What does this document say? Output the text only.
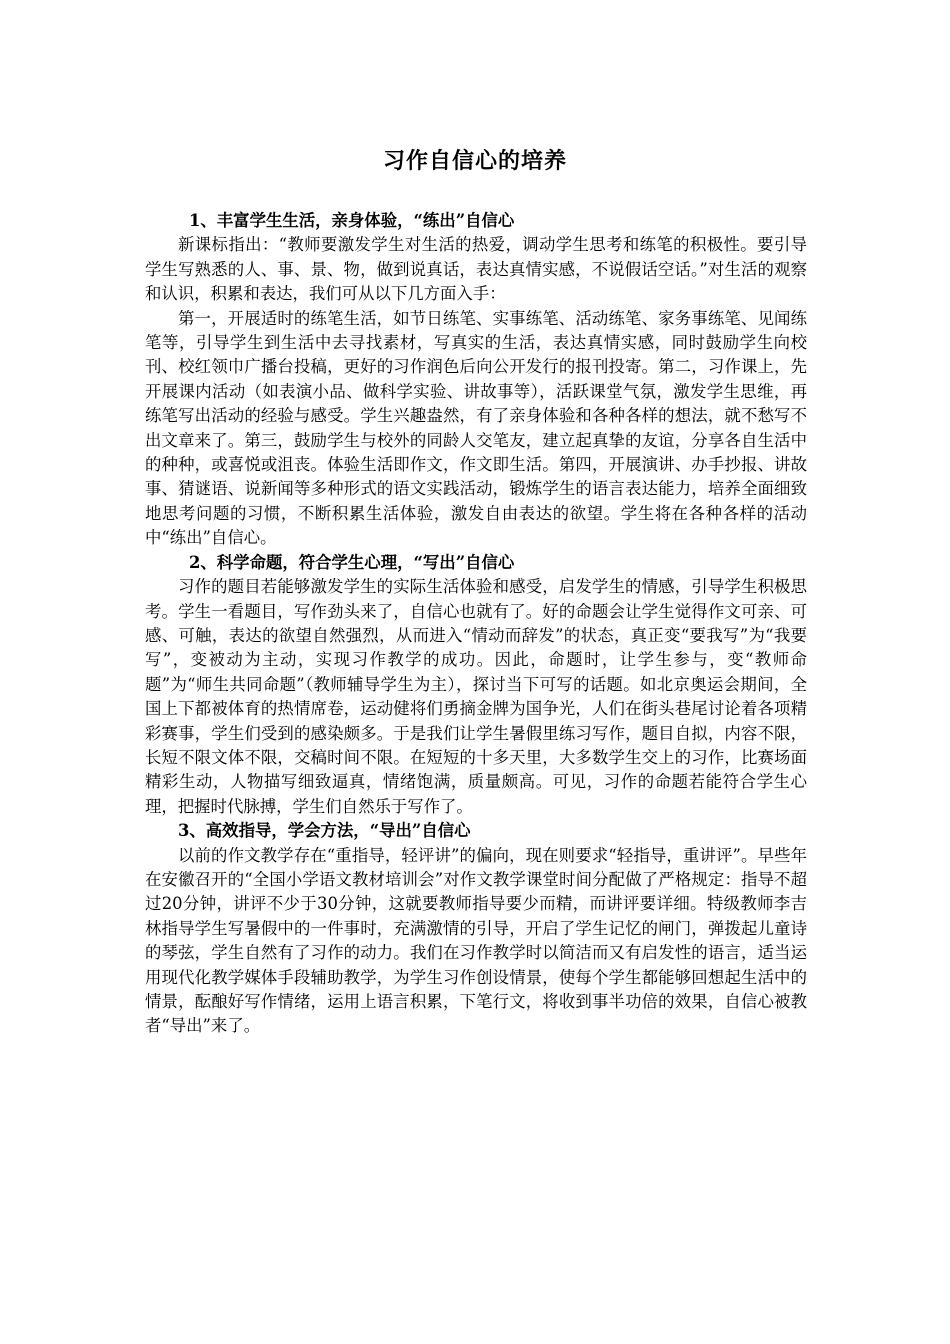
习作自信心的培养

1、丰富学生生活，亲身体验，“练出”自信心

新课标指出：“教师要激发学生对生活的热爱，调动学生思考和练笔的积极性。要引导学生写熟悉的人、事、景、物，做到说真话，表达真情实感，不说假话空话。”对生活的观察和认识，积累和表达，我们可从以下几方面入手：

第一，开展适时的练笔生活，如节日练笔、实事练笔、活动练笔、家务事练笔、见闻练笔等，引导学生到生活中去寻找素材，写真实的生活，表达真情实感，同时鼓励学生向校刊、校红领巾广播台投稿，更好的习作润色后向公开发行的报刊投寄。第二，习作课上，先开展课内活动（如表演小品、做科学实验、讲故事等），活跃课堂气氛，激发学生思维，再练笔写出活动的经验与感受。学生兴趣盎然，有了亲身体验和各种各样的想法，就不愁写不出文章来了。第三，鼓励学生与校外的同龄人交笔友，建立起真挚的友谊，分享各自生活中的种种，或喜悦或沮丧。体验生活即作文，作文即生活。第四，开展演讲、办手抄报、讲故事、猜谜语、说新闻等多种形式的语文实践活动，锻炼学生的语言表达能力，培养全面细致地思考问题的习惯，不断积累生活体验，激发自由表达的欲望。学生将在各种各样的活动中“练出”自信心。

2、科学命题，符合学生心理，“写出”自信心

习作的题目若能够激发学生的实际生活体验和感受，启发学生的情感，引导学生积极思考。学生一看题目，写作劲头来了，自信心也就有了。好的命题会让学生觉得作文可亲、可感、可触，表达的欲望自然强烈，从而进入“情动而辞发”的状态，真正变“要我写”为“我要写”，变被动为主动，实现习作教学的成功。因此，命题时，让学生参与，变“教师命题”为“师生共同命题”（教师辅导学生为主），探讨当下可写的话题。如北京奥运会期间，全国上下都被体育的热情席卷，运动健将们勇摘金牌为国争光，人们在街头巷尾讨论着各项精彩赛事，学生们受到的感染颇多。于是我们让学生暑假里练习写作，题目自拟，内容不限，长短不限文体不限，交稿时间不限。在短短的十多天里，大多数学生交上的习作，比赛场面精彩生动，人物描写细致逼真，情绪饱满，质量颇高。可见，习作的命题若能符合学生心理，把握时代脉搏，学生们自然乐于写作了。

3、高效指导，学会方法，“导出”自信心

以前的作文教学存在“重指导，轻评讲”的偏向，现在则要求“轻指导，重讲评”。早些年在安徽召开的“全国小学语文教材培训会”对作文教学课堂时间分配做了严格规定：指导不超过20分钟，讲评不少于30分钟，这就要教师指导要少而精，而讲评要详细。特级教师李吉林指导学生写暑假中的一件事时，充满激情的引导，开启了学生记忆的闸门，弹拨起儿童诗的琴弦，学生自然有了习作的动力。我们在习作教学时以简洁而又有启发性的语言，适当运用现代化教学媒体手段辅助教学，为学生习作创设情景，使每个学生都能够回想起生活中的情景，酝酿好写作情绪，运用上语言积累，下笔行文，将收到事半功倍的效果，自信心被教者“导出”来了。
